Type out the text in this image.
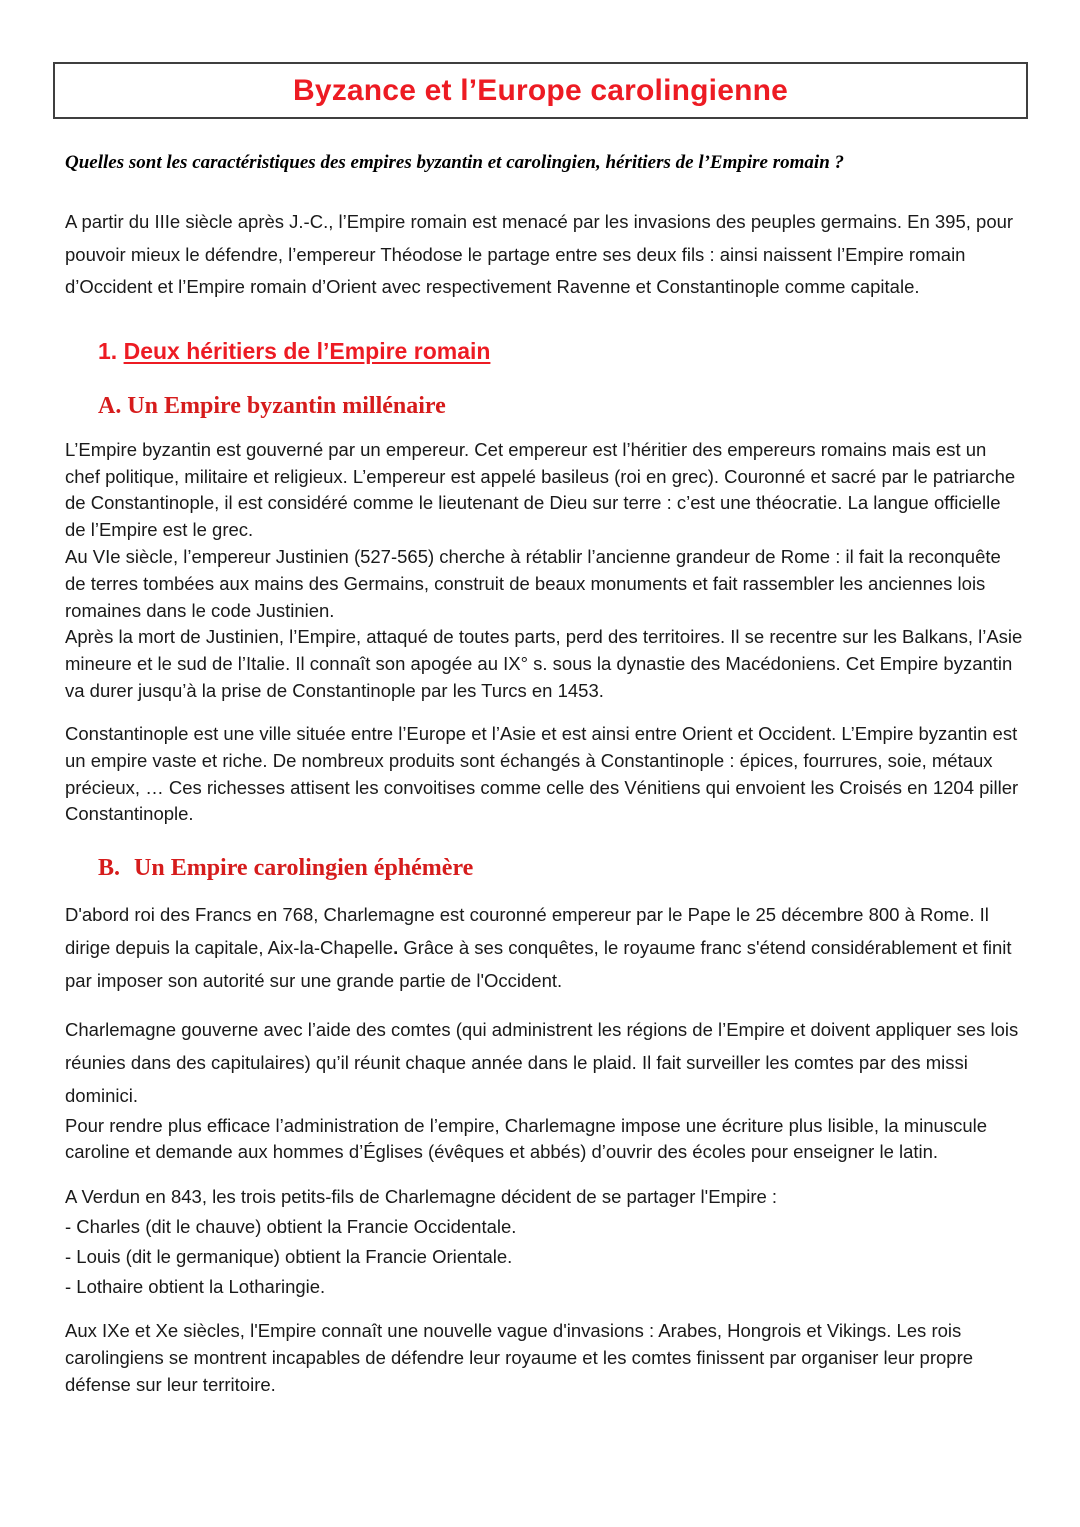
Byzance et l’Europe carolingienne

Quelles sont les caractéristiques des empires byzantin et carolingien, héritiers de l’Empire romain ?

A partir du IIIe siècle après J.-C., l’Empire romain est menacé par les invasions des peuples germains. En 395, pour pouvoir mieux le défendre, l’empereur Théodose le partage entre ses deux fils : ainsi naissent l’Empire romain d’Occident et l’Empire romain d’Orient avec respectivement Ravenne et Constantinople comme capitale.

1. Deux héritiers de l’Empire romain
A. Un Empire byzantin millénaire

L’Empire byzantin est gouverné par un empereur. Cet empereur est l’héritier des empereurs romains mais est un chef politique, militaire et religieux. L’empereur est appelé basileus (roi en grec). Couronné et sacré par le patriarche de Constantinople, il est considéré comme le lieutenant de Dieu sur terre : c’est une théocratie. La langue officielle de l’Empire est le grec.

Au VIe siècle, l’empereur Justinien (527-565) cherche à rétablir l’ancienne grandeur de Rome : il fait la reconquête de terres tombées aux mains des Germains, construit de beaux monuments et fait rassembler les anciennes lois romaines dans le code Justinien.

Après la mort de Justinien, l’Empire, attaqué de toutes parts, perd des territoires. Il se recentre sur les Balkans, l’Asie mineure et le sud de l’Italie. Il connaît son apogée au IX° s. sous la dynastie des Macédoniens. Cet Empire byzantin va durer jusqu’à la prise de Constantinople par les Turcs en 1453.

Constantinople est une ville située entre l’Europe et l’Asie et est ainsi entre Orient et Occident. L’Empire byzantin est un empire vaste et riche. De nombreux produits sont échangés à Constantinople : épices, fourrures, soie, métaux précieux, … Ces richesses attisent les convoitises comme celle des Vénitiens qui envoient les Croisés en 1204 piller Constantinople.

B. Un Empire carolingien éphémère

D'abord roi des Francs en 768, Charlemagne est couronné empereur par le Pape le 25 décembre 800 à Rome. Il dirige depuis la capitale, Aix-la-Chapelle. Grâce à ses conquêtes, le royaume franc s'étend considérablement et finit par imposer son autorité sur une grande partie de l'Occident.

Charlemagne gouverne avec l’aide des comtes (qui administrent les régions de l’Empire et doivent appliquer ses lois réunies dans des capitulaires) qu’il réunit chaque année dans le plaid. Il fait surveiller les comtes par des missi dominici.

Pour rendre plus efficace l’administration de l’empire, Charlemagne impose une écriture plus lisible, la minuscule caroline et demande aux hommes d’Églises (évêques et abbés) d’ouvrir des écoles pour enseigner le latin.

A Verdun en 843, les trois petits-fils de Charlemagne décident de se partager l'Empire :

- Charles (dit le chauve) obtient la Francie Occidentale.

- Louis (dit le germanique) obtient la Francie Orientale.

- Lothaire obtient la Lotharingie.

Aux IXe et Xe siècles, l'Empire connaît une nouvelle vague d'invasions : Arabes, Hongrois et Vikings. Les rois carolingiens se montrent incapables de défendre leur royaume et les comtes finissent par organiser leur propre défense sur leur territoire.
